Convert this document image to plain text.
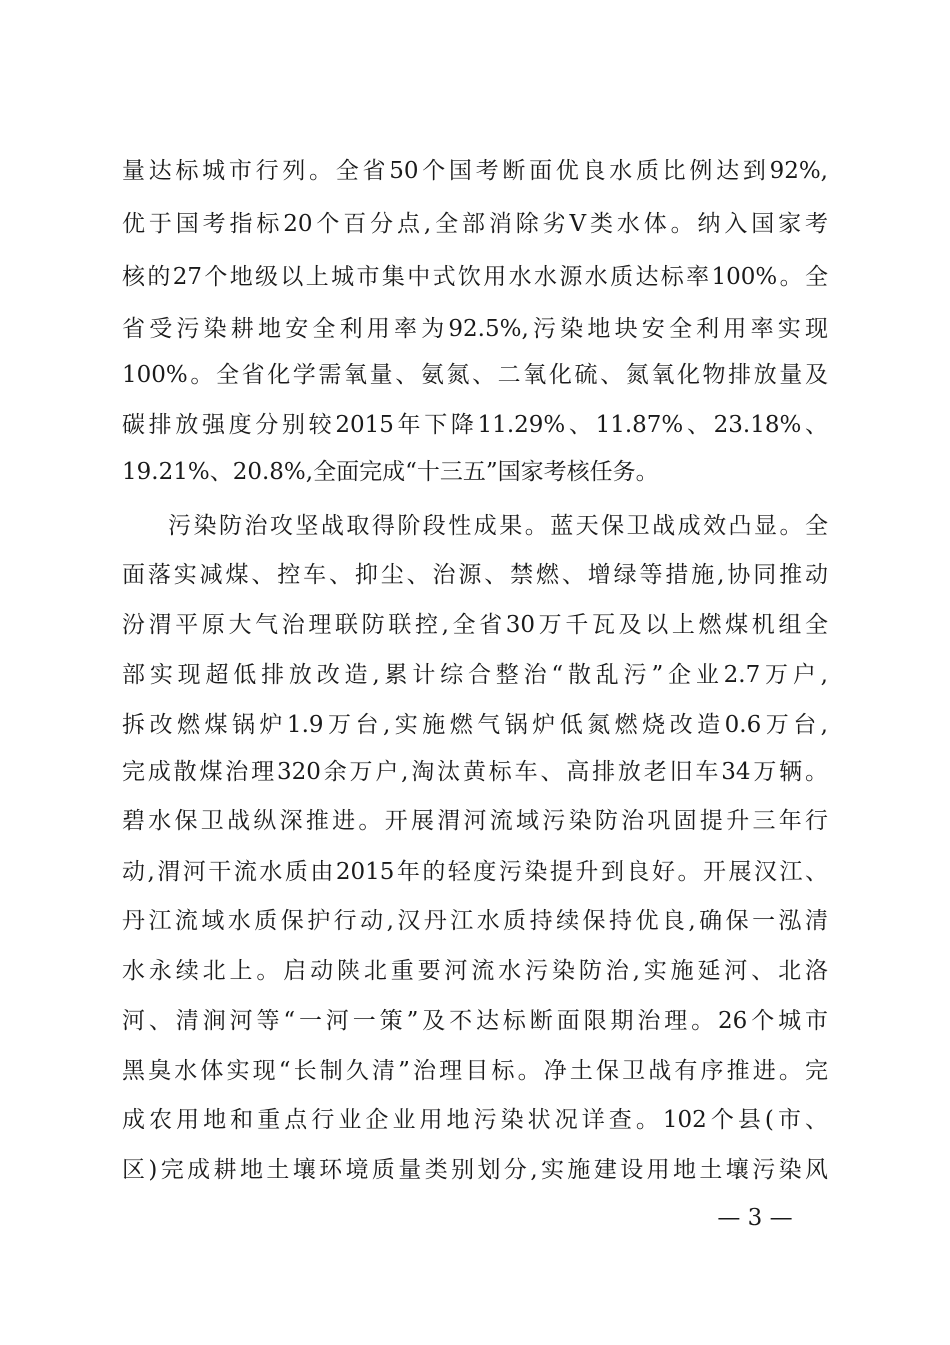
量达标城市行列。全省50个国考断面优良水质比例达到92%,
优于国考指标20个百分点,全部消除劣Ⅴ类水体。纳入国家考
核的27个地级以上城市集中式饮用水水源水质达标率100%。全
省受污染耕地安全利用率为92.5%,污染地块安全利用率实现
100%。全省化学需氧量、氨氮、二氧化硫、氮氧化物排放量及
碳排放强度分别较2015年下降11.29%、11.87%、23.18%、
19.21%、20.8%,全面完成“十三五”国家考核任务。
污染防治攻坚战取得阶段性成果。蓝天保卫战成效凸显。全
面落实减煤、控车、抑尘、治源、禁燃、增绿等措施,协同推动
汾渭平原大气治理联防联控,全省30万千瓦及以上燃煤机组全
部实现超低排放改造,累计综合整治“散乱污”企业2.7万户,
拆改燃煤锅炉1.9万台,实施燃气锅炉低氮燃烧改造0.6万台,
完成散煤治理320余万户,淘汰黄标车、高排放老旧车34万辆。
碧水保卫战纵深推进。开展渭河流域污染防治巩固提升三年行
动,渭河干流水质由2015年的轻度污染提升到良好。开展汉江、
丹江流域水质保护行动,汉丹江水质持续保持优良,确保一泓清
水永续北上。启动陕北重要河流水污染防治,实施延河、北洛
河、清涧河等“一河一策”及不达标断面限期治理。26个城市
黑臭水体实现“长制久清”治理目标。净土保卫战有序推进。完
成农用地和重点行业企业用地污染状况详查。102个县(市、
区)完成耕地土壤环境质量类别划分,实施建设用地土壤污染风
— 3 —
